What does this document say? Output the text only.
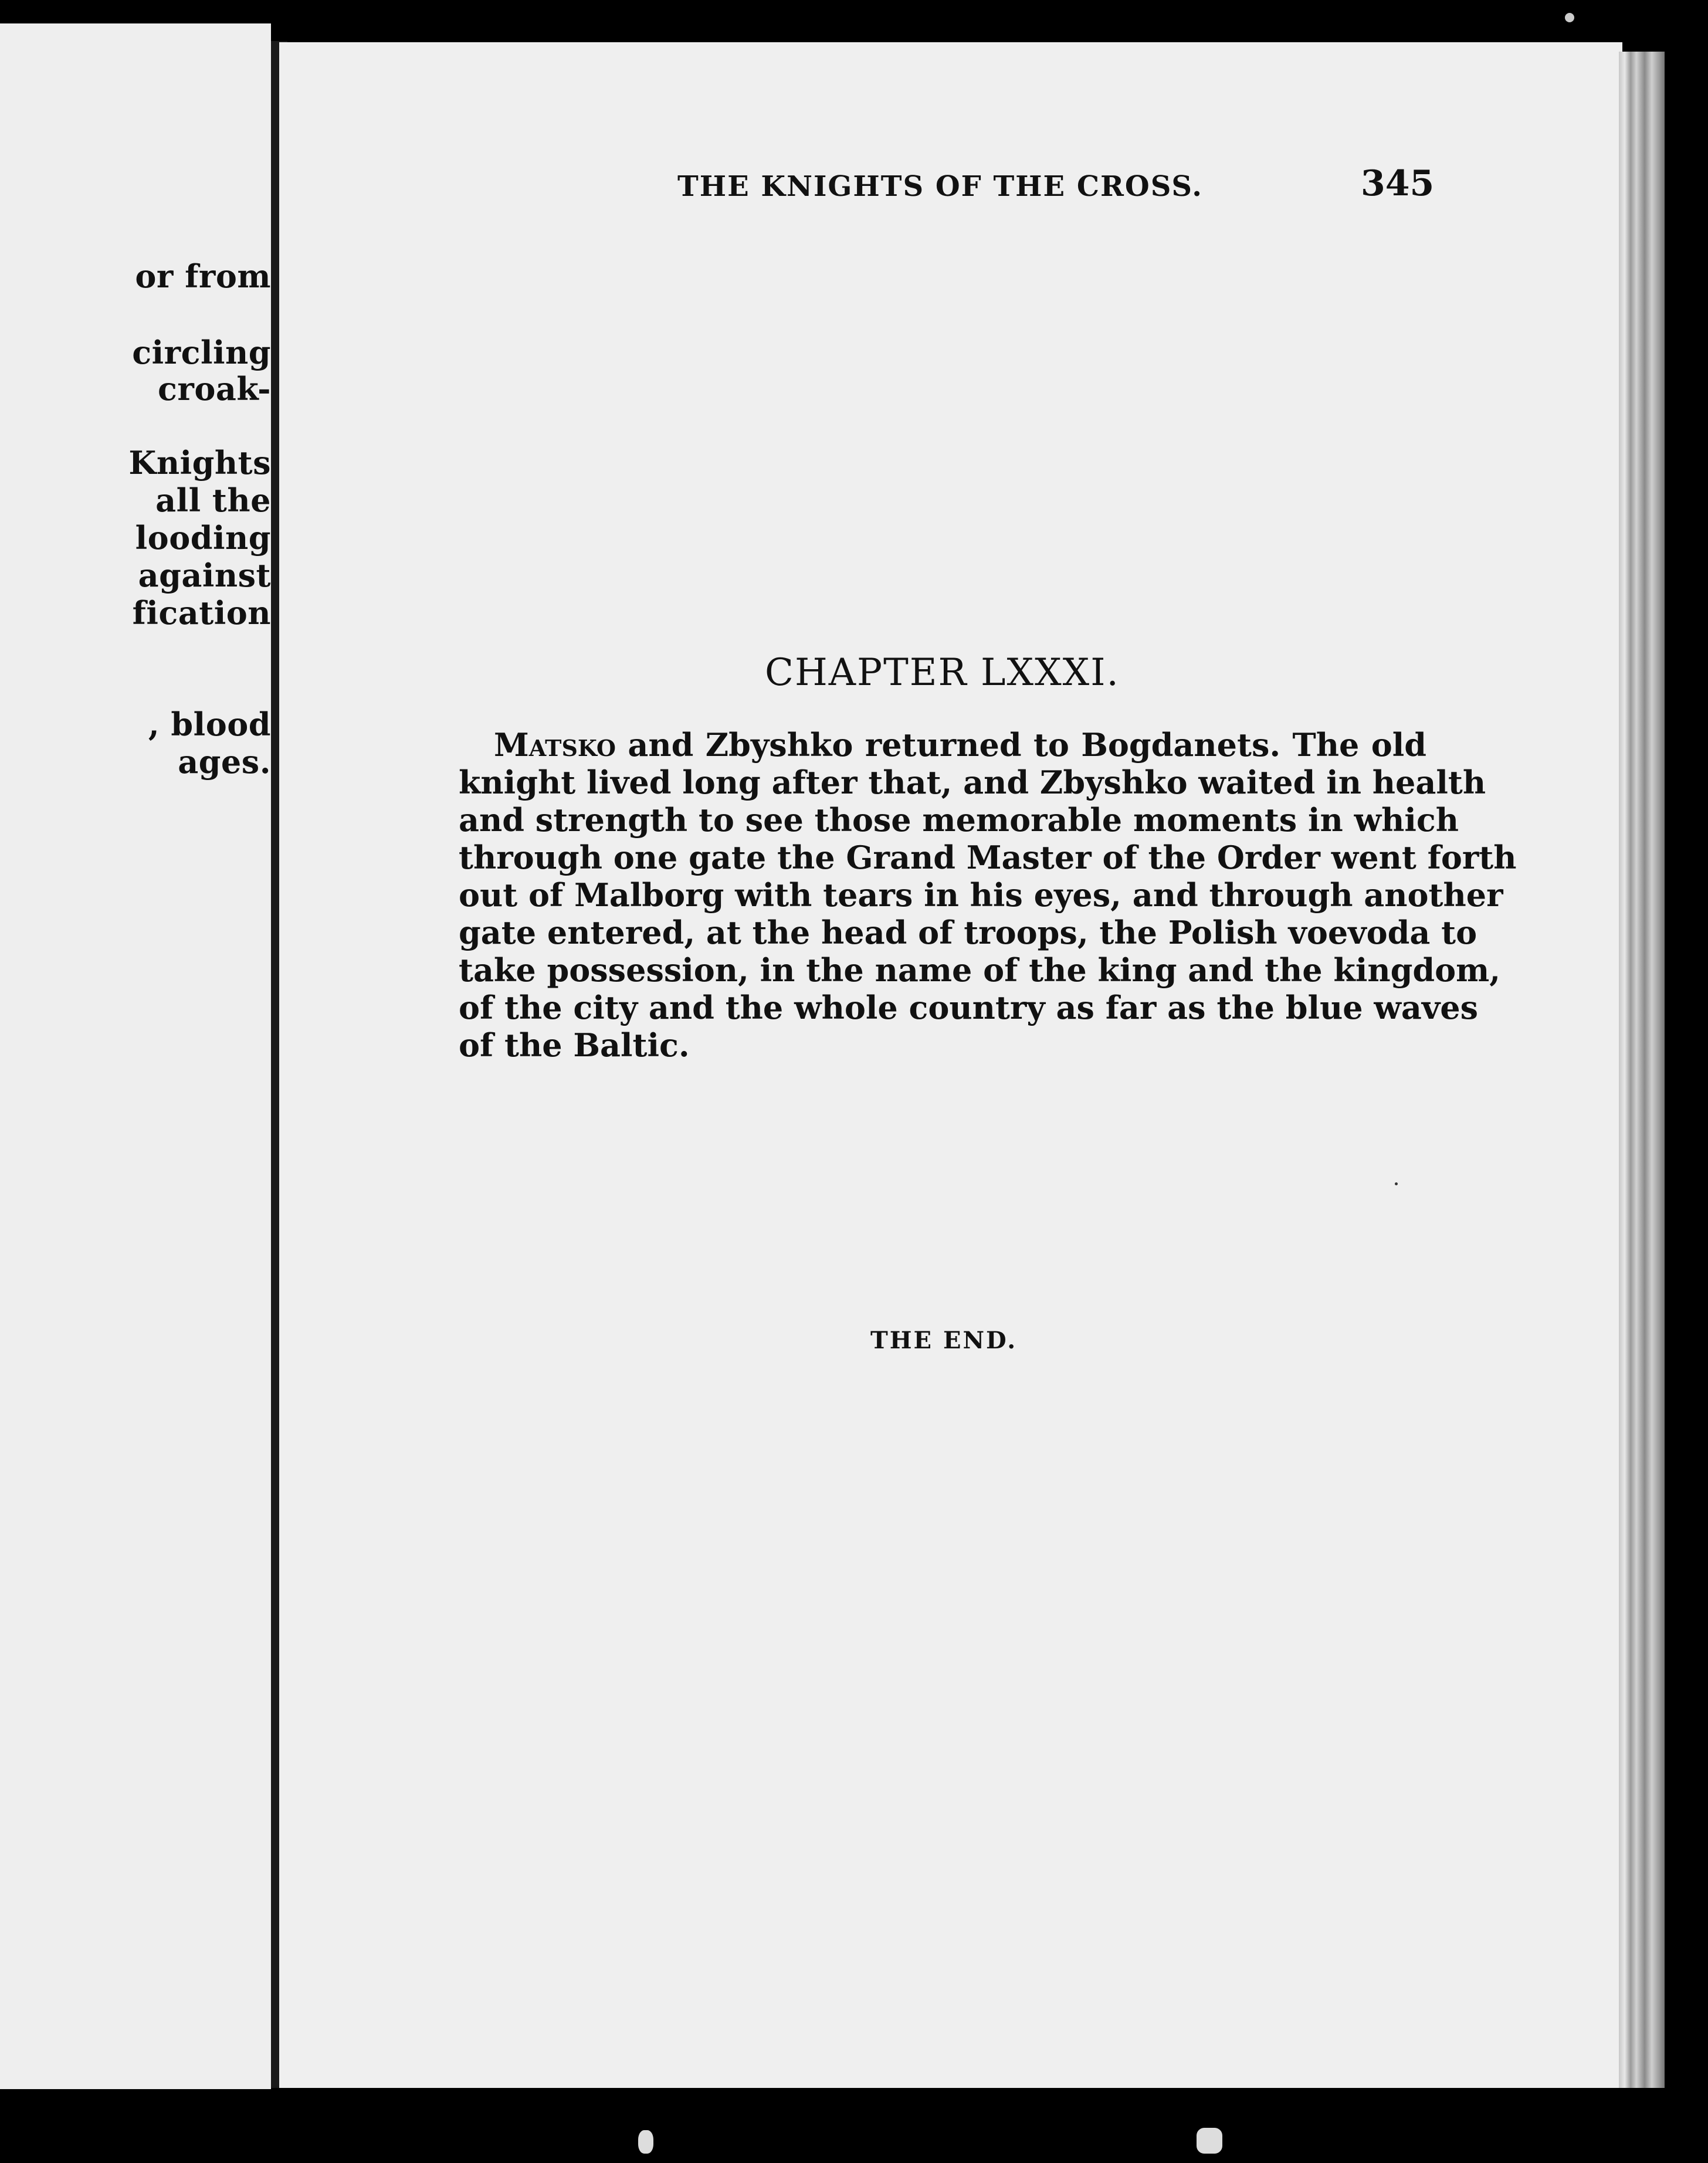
or from
circling
croak-
Knights
all the
looding
against
fication
, blood
ages.
THE KNIGHTS OF THE CROSS.	345
CHAPTER LXXXI.
Matsko and Zbyshko returned to Bogdanets. The old
knight lived long after that, and Zbyshko waited in health
and strength to see those memorable moments in which
through one gate the Grand Master of the Order went forth
out of Malborg with tears in his eyes, and through another
gate entered, at the head of troops, the Polish voevoda to
take possession, in the name of the king and the kingdom,
of the city and the whole country as far as the blue waves
of the Baltic.
THE END.
